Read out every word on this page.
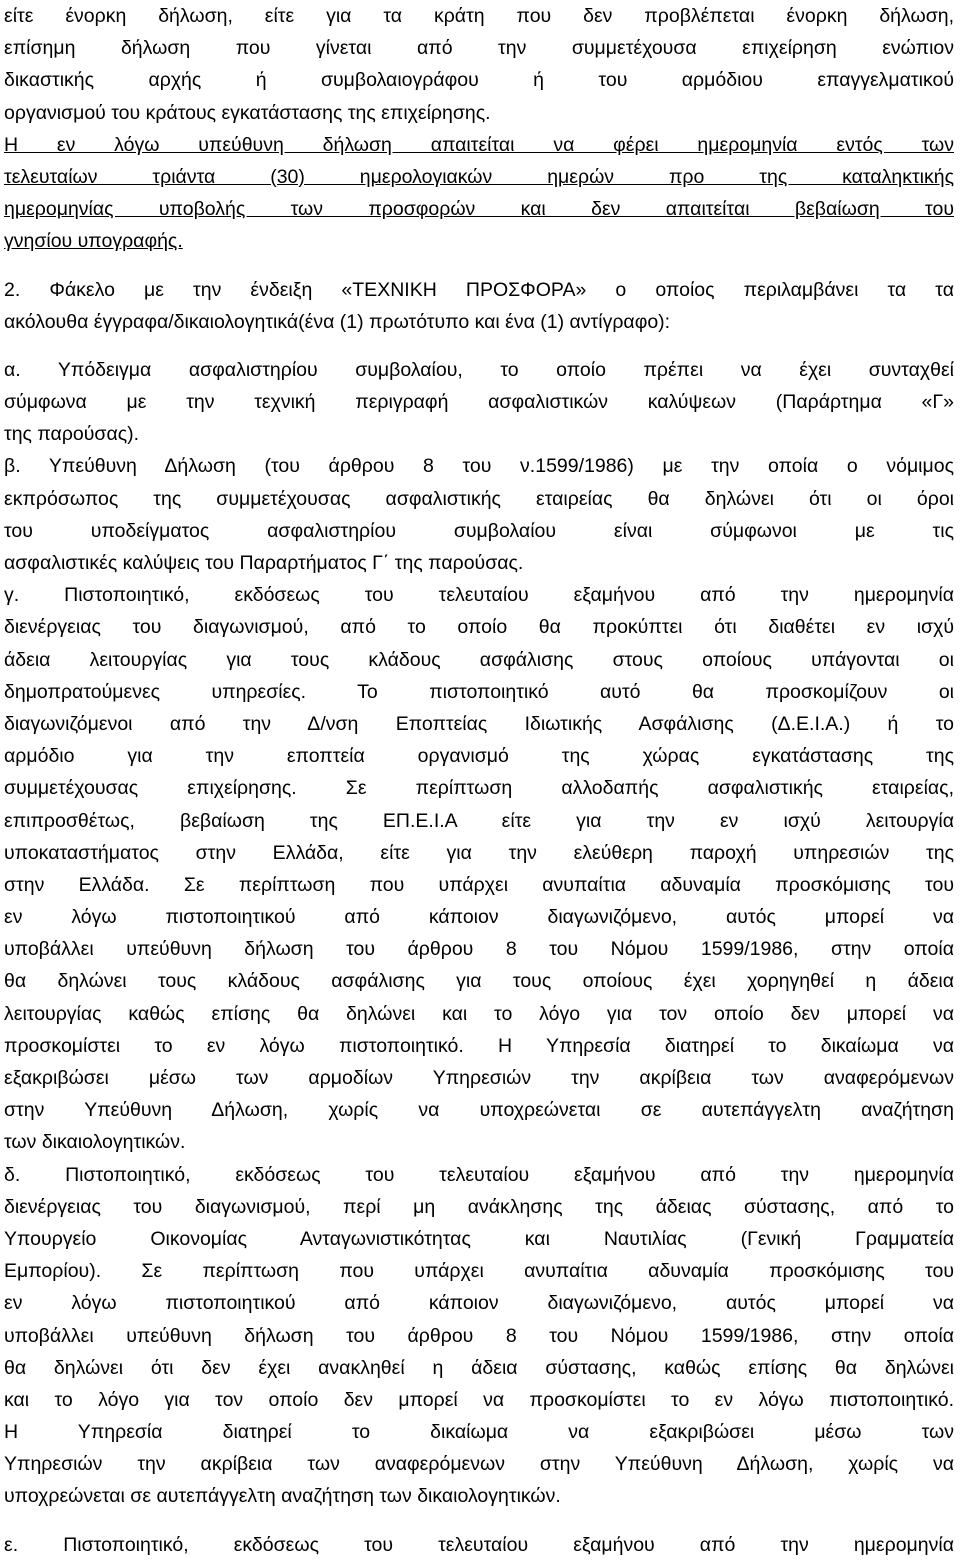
είτε ένορκη δήλωση, είτε για τα κράτη που δεν προβλέπεται ένορκη δήλωση,
επίσημη δήλωση που γίνεται από την συμμετέχουσα επιχείρηση ενώπιον
δικαστικής αρχής ή συμβολαιογράφου ή του αρμόδιου επαγγελματικού
οργανισμού του κράτους εγκατάστασης της επιχείρησης.
Η εν λόγω υπεύθυνη δήλωση απαιτείται να φέρει ημερομηνία εντός των
τελευταίων τριάντα (30) ημερολογιακών ημερών προ της καταληκτικής
ημερομηνίας υποβολής των προσφορών και δεν απαιτείται βεβαίωση του
γνησίου υπογραφής.
2. Φάκελο με την ένδειξη «ΤΕΧΝΙΚΗ ΠΡΟΣΦΟΡΑ» ο οποίος περιλαμβάνει τα τα
ακόλουθα έγγραφα/δικαιολογητικά(ένα (1) πρωτότυπο και ένα (1) αντίγραφο):
α. Υπόδειγμα ασφαλιστηρίου συμβολαίου, το οποίο πρέπει να έχει συνταχθεί
σύμφωνα με την τεχνική περιγραφή ασφαλιστικών καλύψεων (Παράρτημα «Γ»
της παρούσας).
β. Υπεύθυνη Δήλωση (του άρθρου 8 του ν.1599/1986) με την οποία ο νόμιμος
εκπρόσωπος της συμμετέχουσας ασφαλιστικής εταιρείας θα δηλώνει ότι οι όροι
του υποδείγματος ασφαλιστηρίου συμβολαίου είναι σύμφωνοι με τις
ασφαλιστικές καλύψεις του Παραρτήματος Γ΄ της παρούσας.
γ. Πιστοποιητικό, εκδόσεως του τελευταίου εξαμήνου από την ημερομηνία
διενέργειας του διαγωνισμού, από το οποίο θα προκύπτει ότι διαθέτει εν ισχύ
άδεια λειτουργίας για τους κλάδους ασφάλισης στους οποίους υπάγονται οι
δημοπρατούμενες υπηρεσίες. Το πιστοποιητικό αυτό θα προσκομίζουν οι
διαγωνιζόμενοι από την Δ/νση Εποπτείας Ιδιωτικής Ασφάλισης (Δ.Ε.Ι.Α.) ή το
αρμόδιο για την εποπτεία οργανισμό της χώρας εγκατάστασης της
συμμετέχουσας επιχείρησης. Σε περίπτωση αλλοδαπής ασφαλιστικής εταιρείας,
επιπροσθέτως, βεβαίωση της ΕΠ.Ε.Ι.Α είτε για την εν ισχύ λειτουργία
υποκαταστήματος στην Ελλάδα, είτε για την ελεύθερη παροχή υπηρεσιών της
στην Ελλάδα. Σε περίπτωση που υπάρχει ανυπαίτια αδυναμία προσκόμισης του
εν λόγω πιστοποιητικού από κάποιον διαγωνιζόμενο, αυτός μπορεί να
υποβάλλει υπεύθυνη δήλωση του άρθρου 8 του Νόμου 1599/1986, στην οποία
θα δηλώνει τους κλάδους ασφάλισης για τους οποίους έχει χορηγηθεί η άδεια
λειτουργίας καθώς επίσης θα δηλώνει και το λόγο για τον οποίο δεν μπορεί να
προσκομίστει το εν λόγω πιστοποιητικό. Η Υπηρεσία διατηρεί το δικαίωμα να
εξακριβώσει μέσω των αρμοδίων Υπηρεσιών την ακρίβεια των αναφερόμενων
στην Υπεύθυνη Δήλωση, χωρίς να υποχρεώνεται σε αυτεπάγγελτη αναζήτηση
των δικαιολογητικών.
δ. Πιστοποιητικό, εκδόσεως του τελευταίου εξαμήνου από την ημερομηνία
διενέργειας του διαγωνισμού, περί μη ανάκλησης της άδειας σύστασης, από το
Υπουργείο Οικονομίας Ανταγωνιστικότητας και Ναυτιλίας (Γενική Γραμματεία
Εμπορίου). Σε περίπτωση που υπάρχει ανυπαίτια αδυναμία προσκόμισης του
εν λόγω πιστοποιητικού από κάποιον διαγωνιζόμενο, αυτός μπορεί να
υποβάλλει υπεύθυνη δήλωση του άρθρου 8 του Νόμου 1599/1986, στην οποία
θα δηλώνει ότι δεν έχει ανακληθεί η άδεια σύστασης, καθώς επίσης θα δηλώνει
και το λόγο για τον οποίο δεν μπορεί να προσκομίστει το εν λόγω πιστοποιητικό.
Η Υπηρεσία διατηρεί το δικαίωμα να εξακριβώσει μέσω των
Υπηρεσιών την ακρίβεια των αναφερόμενων στην Υπεύθυνη Δήλωση, χωρίς να
υποχρεώνεται σε αυτεπάγγελτη αναζήτηση των δικαιολογητικών.
ε. Πιστοποιητικό, εκδόσεως του τελευταίου εξαμήνου από την ημερομηνία
